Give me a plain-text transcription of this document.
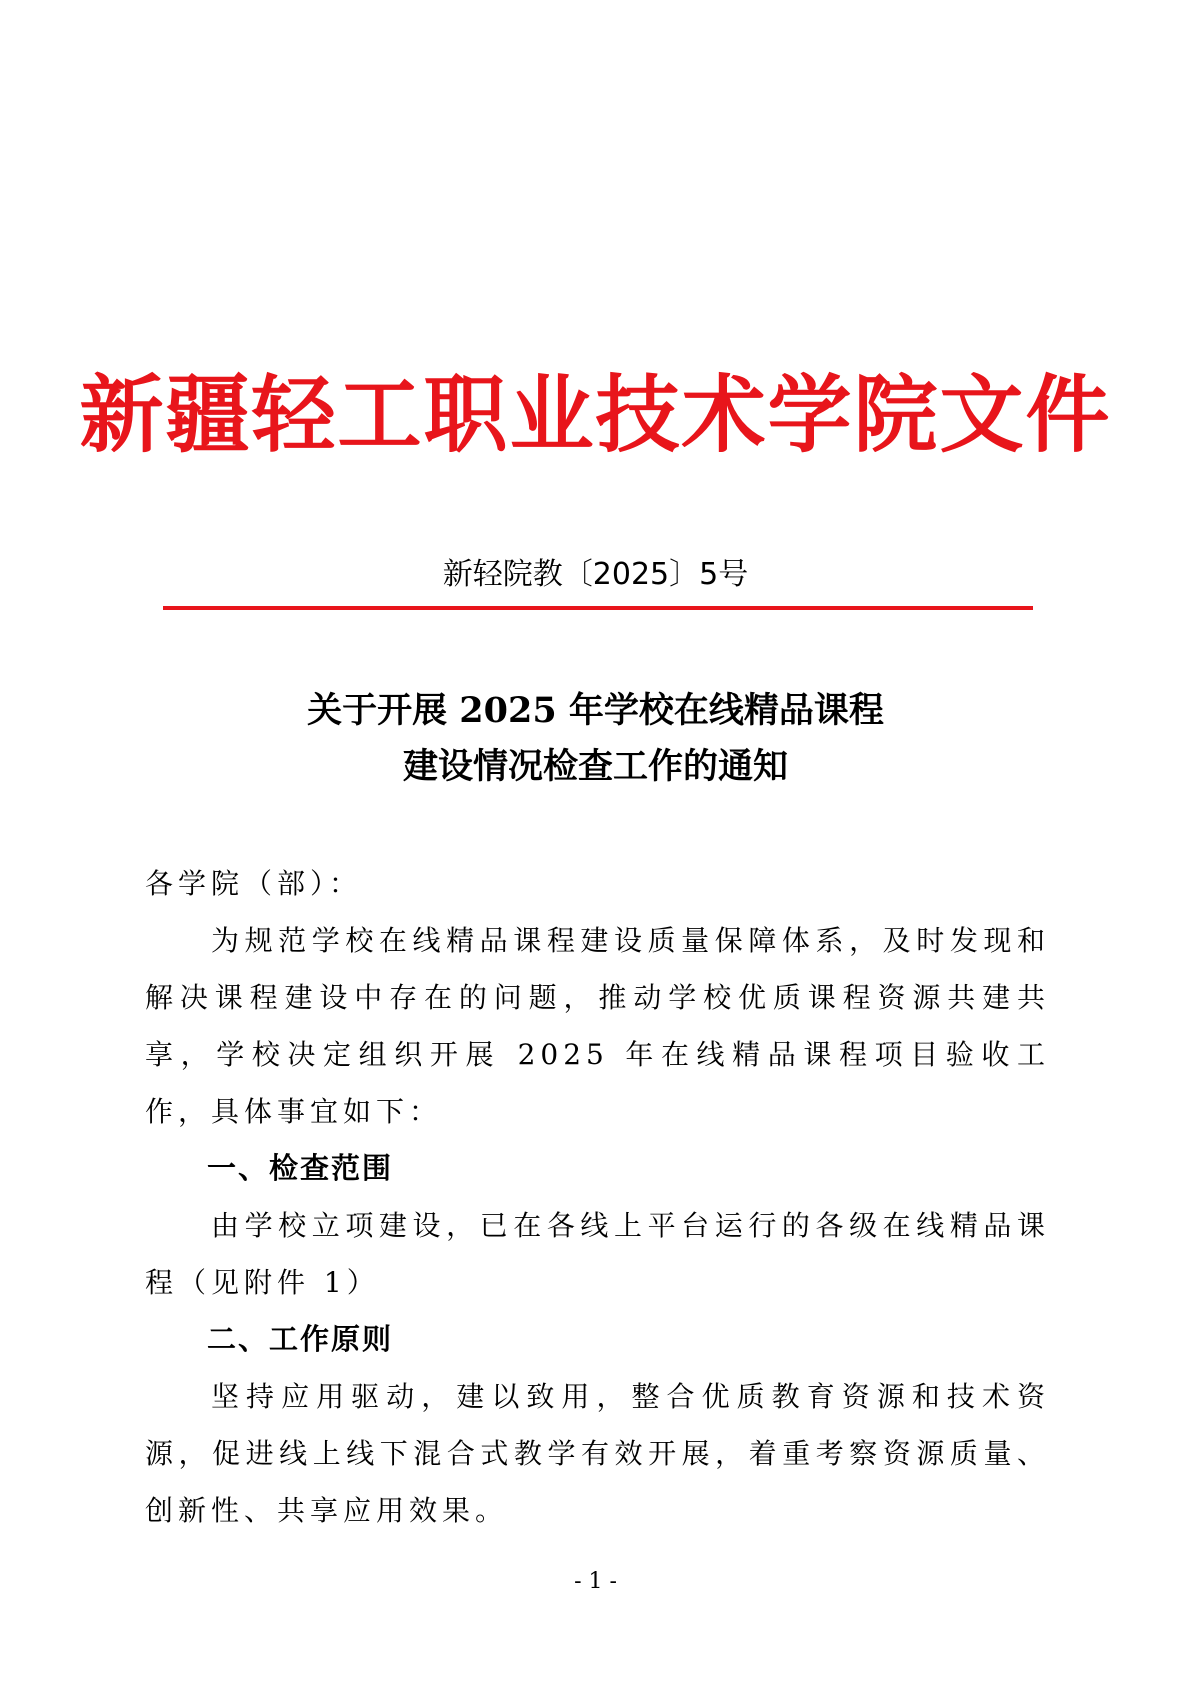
新疆轻工职业技术学院文件
新轻院教〔2025〕5号
关于开展 2025 年学校在线精品课程
建设情况检查工作的通知

各学院（部）：

为规范学校在线精品课程建设质量保障体系，及时发现和解决课程建设中存在的问题，推动学校优质课程资源共建共享，学校决定组织开展 2025 年在线精品课程项目验收工作，具体事宜如下：

一、检查范围

由学校立项建设，已在各线上平台运行的各级在线精品课程（见附件 1）

二、工作原则

坚持应用驱动，建以致用，整合优质教育资源和技术资源，促进线上线下混合式教学有效开展，着重考察资源质量、创新性、共享应用效果。

- 1 -
